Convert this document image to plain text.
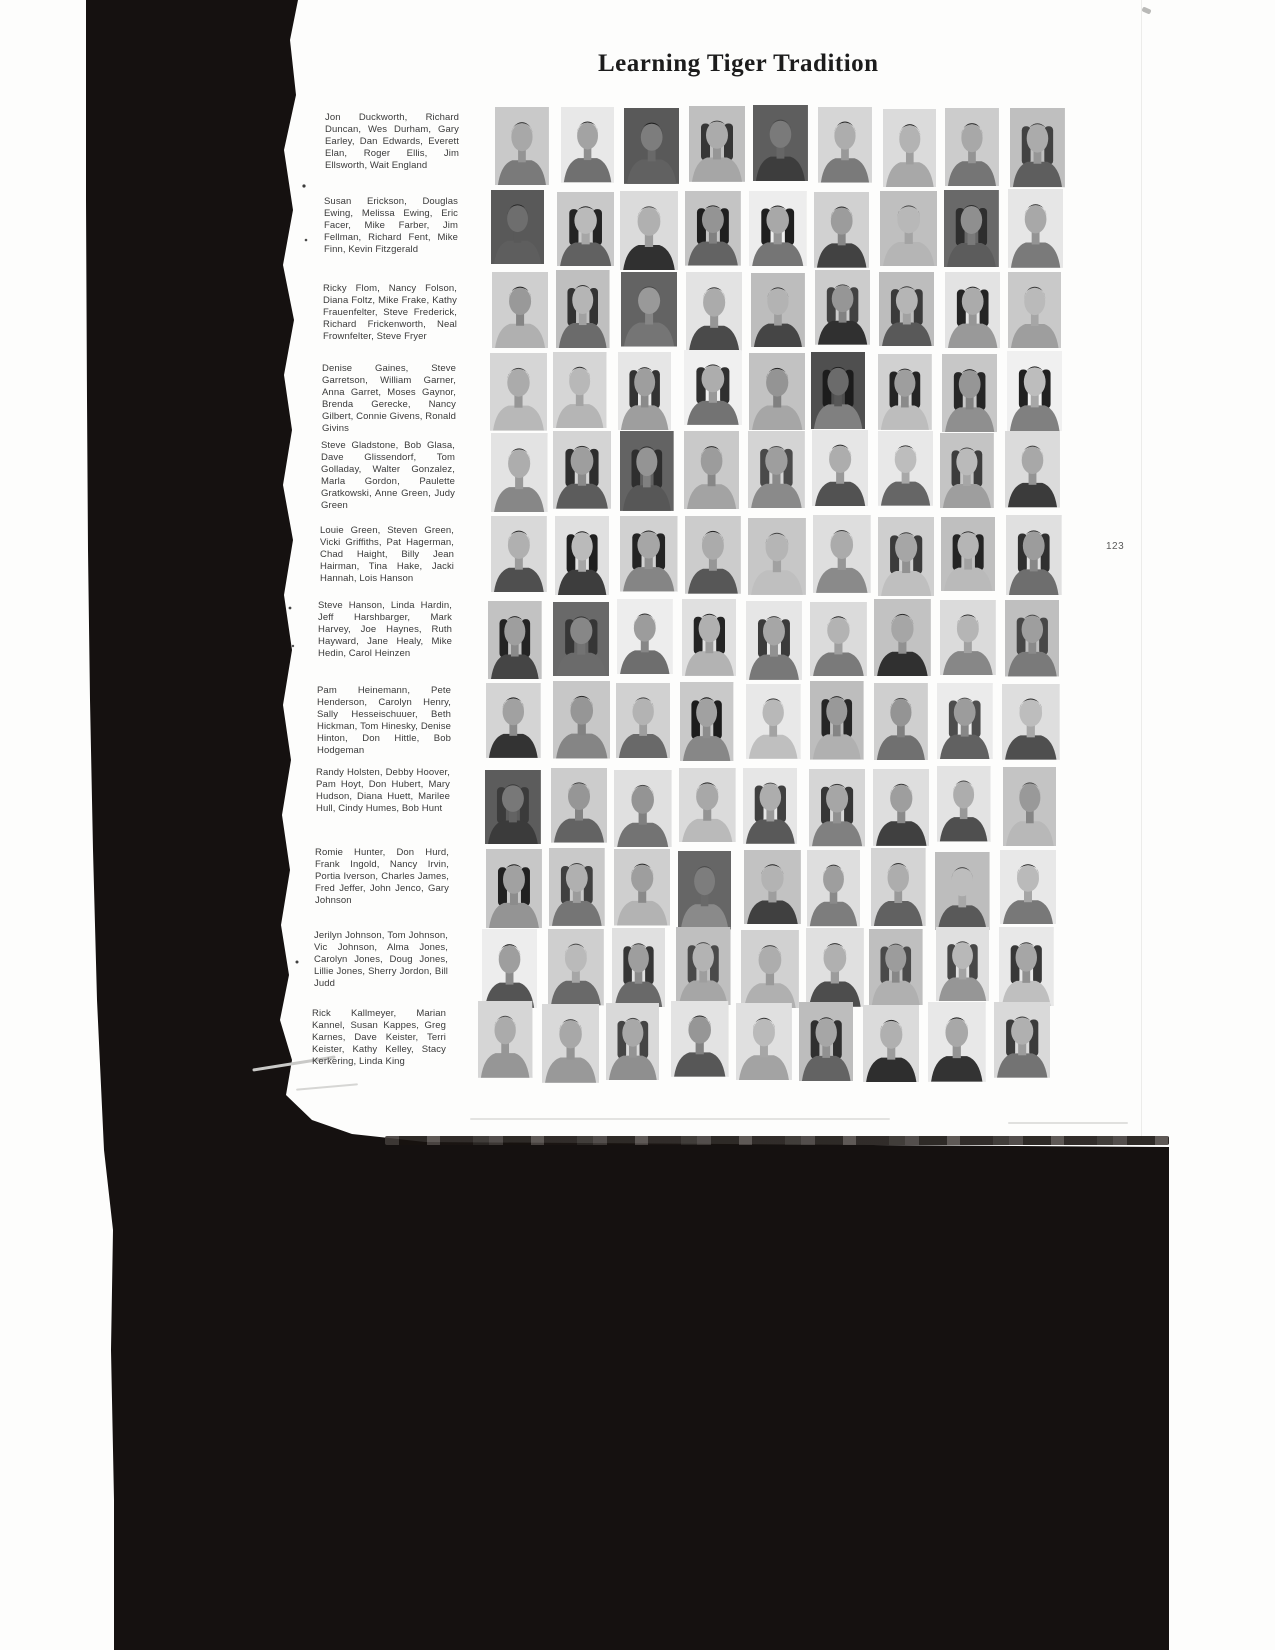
Learning Tiger Tradition
Jon Duckworth, Richard Duncan, Wes Durham, Gary Earley, Dan Edwards, Everett Elan, Roger Ellis, Jim Ellsworth, Wait England
Susan Erickson, Douglas Ewing, Melissa Ewing, Eric Facer, Mike Farber, Jim Fellman, Richard Fent, Mike Finn, Kevin Fitzgerald
Ricky Flom, Nancy Folson, Diana Foltz, Mike Frake, Kathy Frauenfelter, Steve Frederick, Richard Frickenworth, Neal Frownfelter, Steve Fryer
Denise Gaines, Steve Garretson, William Garner, Anna Garret, Moses Gaynor, Brenda Gerecke, Nancy Gilbert, Connie Givens, Ronald Givins
Steve Gladstone, Bob Glasa, Dave Glissendorf, Tom Golladay, Walter Gonzalez, Marla Gordon, Paulette Gratkowski, Anne Green, Judy Green
Louie Green, Steven Green, Vicki Griffiths, Pat Hagerman, Chad Haight, Billy Jean Hairman, Tina Hake, Jacki Hannah, Lois Hanson
Steve Hanson, Linda Hardin, Jeff Harshbarger, Mark Harvey, Joe Haynes, Ruth Hayward, Jane Healy, Mike Hedin, Carol Heinzen
Pam Heinemann, Pete Henderson, Carolyn Henry, Sally Hesseischuuer, Beth Hickman, Tom Hinesky, Denise Hinton, Don Hittle, Bob Hodgeman
Randy Holsten, Debby Hoover, Pam Hoyt, Don Hubert, Mary Hudson, Diana Huett, Marilee Hull, Cindy Humes, Bob Hunt
Romie Hunter, Don Hurd, Frank Ingold, Nancy Irvin, Portia Iverson, Charles James, Fred Jeffer, John Jenco, Gary Johnson
Jerilyn Johnson, Tom Johnson, Vic Johnson, Alma Jones, Carolyn Jones, Doug Jones, Lillie Jones, Sherry Jordon, Bill Judd
Rick Kallmeyer, Marian Kannel, Susan Kappes, Greg Karnes, Dave Keister, Terri Keister, Kathy Kelley, Stacy Kerkering, Linda King
123
